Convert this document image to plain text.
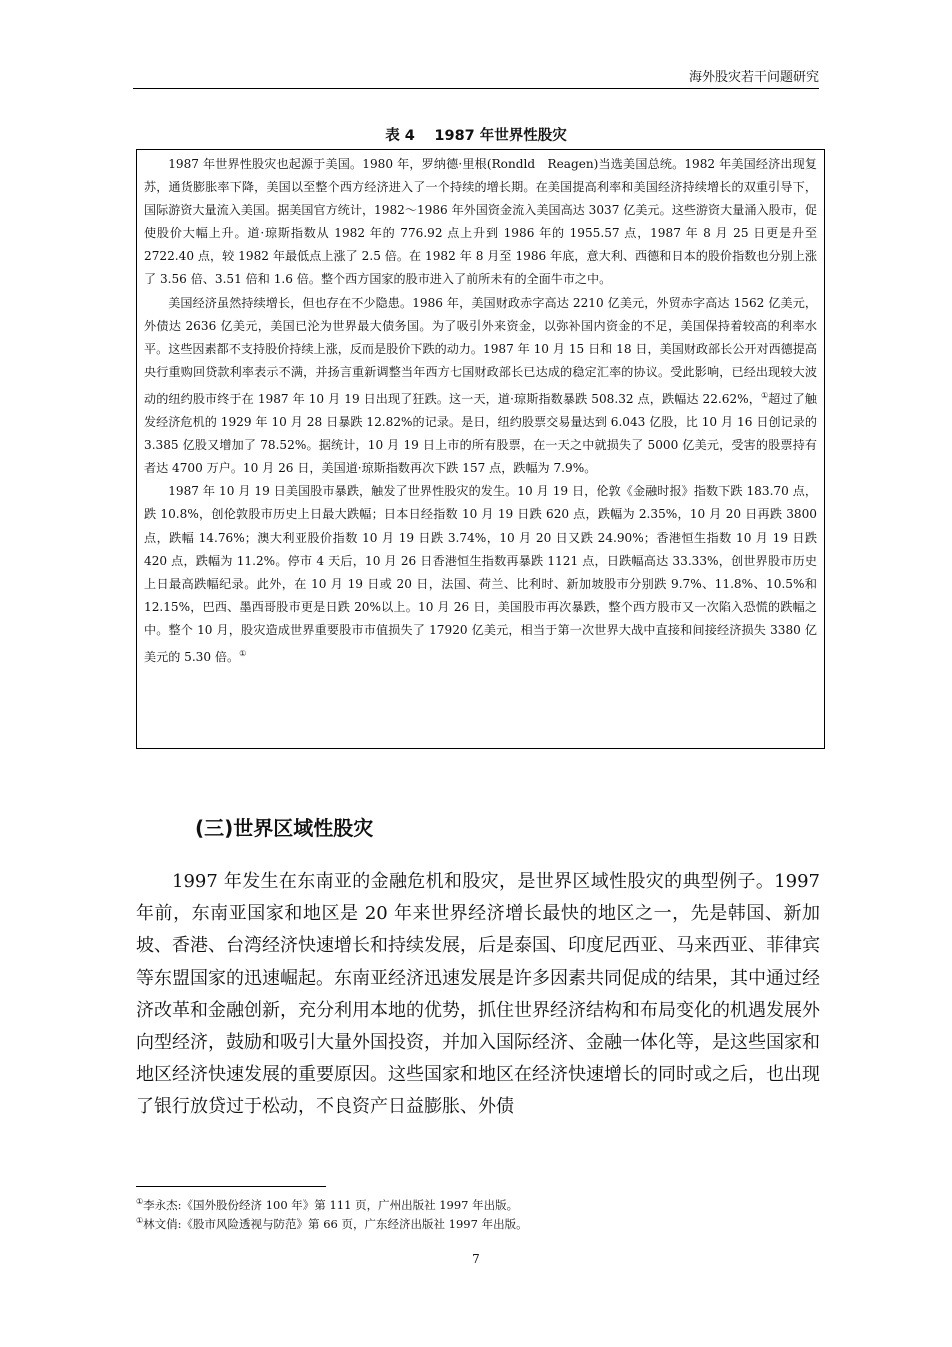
海外股灾若干问题研究
表 4　 1987 年世界性股灾

1987 年世界性股灾也起源于美国。1980 年，罗纳德·里根(Rondld　Reagen)当选美国总统。1982 年美国经济出现复苏，通货膨胀率下降，美国以至整个西方经济进入了一个持续的增长期。在美国提高利率和美国经济持续增长的双重引导下，国际游资大量流入美国。据美国官方统计，1982～1986 年外国资金流入美国高达 3037 亿美元。这些游资大量涌入股市，促使股价大幅上升。道·琼斯指数从 1982 年的 776.92 点上升到 1986 年的 1955.57 点，1987 年 8 月 25 日更是升至 2722.40 点，较 1982 年最低点上涨了 2.5 倍。在 1982 年 8 月至 1986 年底，意大利、西德和日本的股价指数也分别上涨了 3.56 倍、3.51 倍和 1.6 倍。整个西方国家的股市进入了前所未有的全面牛市之中。

美国经济虽然持续增长，但也存在不少隐患。1986 年，美国财政赤字高达 2210 亿美元，外贸赤字高达 1562 亿美元，外债达 2636 亿美元，美国已沦为世界最大债务国。为了吸引外来资金，以弥补国内资金的不足，美国保持着较高的利率水平。这些因素都不支持股价持续上涨，反而是股价下跌的动力。1987 年 10 月 15 日和 18 日，美国财政部长公开对西德提高央行重购回贷款利率表示不满，并扬言重新调整当年西方七国财政部长已达成的稳定汇率的协议。受此影响，已经出现较大波动的纽约股市终于在 1987 年 10 月 19 日出现了狂跌。这一天，道·琼斯指数暴跌 508.32 点，跌幅达 22.62%，①超过了触发经济危机的 1929 年 10 月 28 日暴跌 12.82%的记录。是日，纽约股票交易量达到 6.043 亿股，比 10 月 16 日创记录的 3.385 亿股又增加了 78.52%。据统计，10 月 19 日上市的所有股票，在一天之中就损失了 5000 亿美元，受害的股票持有者达 4700 万户。10 月 26 日，美国道·琼斯指数再次下跌 157 点，跌幅为 7.9%。

1987 年 10 月 19 日美国股市暴跌，触发了世界性股灾的发生。10 月 19 日，伦敦《金融时报》指数下跌 183.70 点，跌 10.8%，创伦敦股市历史上日最大跌幅；日本日经指数 10 月 19 日跌 620 点，跌幅为 2.35%，10 月 20 日再跌 3800 点，跌幅 14.76%；澳大利亚股价指数 10 月 19 日跌 3.74%，10 月 20 日又跌 24.90%；香港恒生指数 10 月 19 日跌 420 点，跌幅为 11.2%。停市 4 天后，10 月 26 日香港恒生指数再暴跌 1121 点，日跌幅高达 33.33%，创世界股市历史上日最高跌幅纪录。此外，在 10 月 19 日或 20 日，法国、荷兰、比利时、新加坡股市分别跌 9.7%、11.8%、10.5%和 12.15%，巴西、墨西哥股市更是日跌 20%以上。10 月 26 日，美国股市再次暴跌，整个西方股市又一次陷入恐慌的跌幅之中。整个 10 月，股灾造成世界重要股市市值损失了 17920 亿美元，相当于第一次世界大战中直接和间接经济损失 3380 亿美元的 5.30 倍。①

(三)世界区域性股灾

1997 年发生在东南亚的金融危机和股灾，是世界区域性股灾的典型例子。1997 年前，东南亚国家和地区是 20 年来世界经济增长最快的地区之一，先是韩国、新加坡、香港、台湾经济快速增长和持续发展，后是泰国、印度尼西亚、马来西亚、菲律宾等东盟国家的迅速崛起。东南亚经济迅速发展是许多因素共同促成的结果，其中通过经济改革和金融创新，充分利用本地的优势，抓住世界经济结构和布局变化的机遇发展外向型经济，鼓励和吸引大量外国投资，并加入国际经济、金融一体化等，是这些国家和地区经济快速发展的重要原因。这些国家和地区在经济快速增长的同时或之后，也出现了银行放贷过于松动，不良资产日益膨胀、外债

①李永杰:《国外股份经济 100 年》第 111 页，广州出版社 1997 年出版。
①林文俏:《股市风险透视与防范》第 66 页，广东经济出版社 1997 年出版。
7
